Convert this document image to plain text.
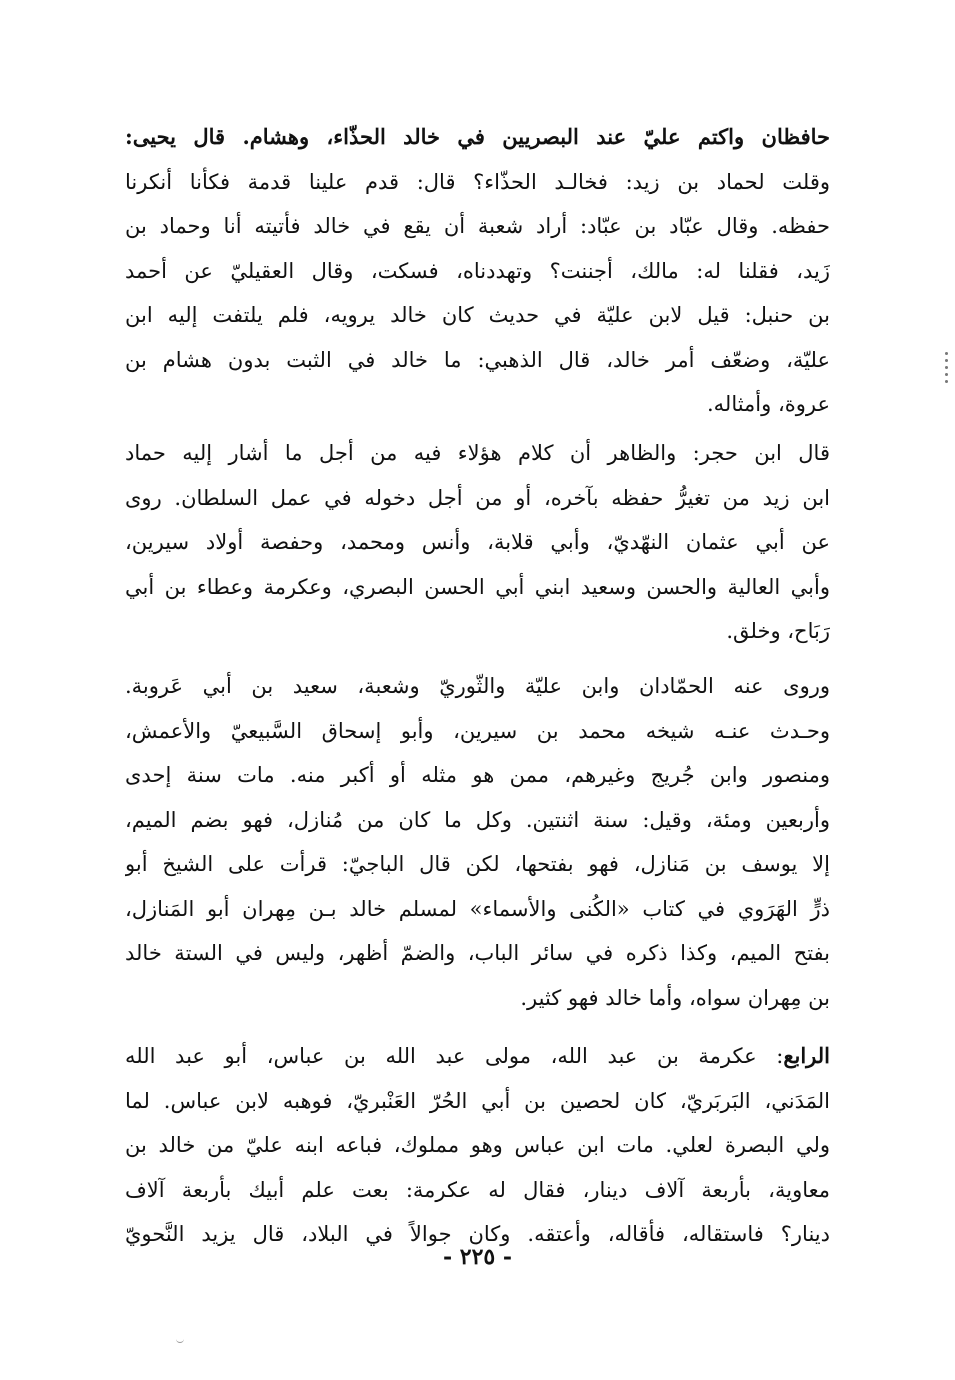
حافظان واكتم عليّ عند البصريين في خالد الحذّاء، وهشام. قال يحيى:
وقلت لحماد بن زيد: فخالـد الحذّاء؟ قال: قدم علينا قدمة فكأنا أنكرنا
حفظه. وقال عبّاد بن عبّاد: أراد شعبة أن يقع في خالد فأتيته أنا وحماد بن
زَيد، فقلنا له: مالك، أجننت؟ وتهددناه، فسكت، وقال العقيليّ عن أحمد
بن حنبل: قيل لابن عليّة في حديث كان خالد يرويه، فلم يلتفت إليه ابن
عليّة، وضعّف أمر خالد، قال الذهبي: ما خالد في الثبت بدون هشام بن
عروة، وأمثاله.
قال ابن حجر: والظاهر أن كلام هؤلاء فيه من أجل ما أشار إليه حماد
ابن زيد من تغيرُّ حفظه بآخره، أو من أجل دخوله في عمل السلطان. روى
عن أبي عثمان النهّديّ، وأبي قلابة، وأنس ومحمد، وحفصة أولاد سيرين،
وأبي العالية والحسن وسعيد ابني أبي الحسن البصري، وعكرمة وعطاء بن أبي
رَبَاح، وخلق.
وروى عنه الحمّادان وابن عليّة والثّوريّ وشعبة، سعيد بن أبي عَروبة.
وحـدث عنـه شيخه محمد بن سيرين، وأبو إسحاق السَّبيعيّ والأعمش،
ومنصور وابن جُريج وغيرهم، ممن هو مثله أو أكبر منه. مات سنة إحدى
وأربعين ومئة، وقيل: سنة اثنتين. وكل ما كان من مُنازل، فهو بضم الميم،
إلا يوسف بن مَنازل، فهو بفتحها، لكن قال الباجيّ: قرأت على الشيخ أبو
ذرٍّ الهَرَوي في كتاب «الكُنى والأسماء» لمسلم خالد بـن مِهران أبو المَنازل،
بفتح الميم، وكذا ذكره في سائر الباب، والضمّ أظهر، وليس في الستة خالد
بن مِهران سواه، وأما خالد فهو كثير.
الرابع: عكرمة بن عبد الله، مولى عبد الله بن عباس، أبو عبد الله
المَدَني، البَربَريّ، كان لحصين بن أبي الحُرّ العَنْبريّ، فوهبه لابن عباس. لما
ولي البصرة لعلي. مات ابن عباس وهو مملوك، فباعه ابنه عليّ من خالد بن
معاوية، بأربعة آلاف دينار، فقال له عكرمة: بعت علم أبيك بأربعة آلاف
دينار؟ فاستقاله، فأقاله، وأعتقه. وكان جوالاً في البلاد، قال يزيد النَّحويّ
- ٢٢٥ -
